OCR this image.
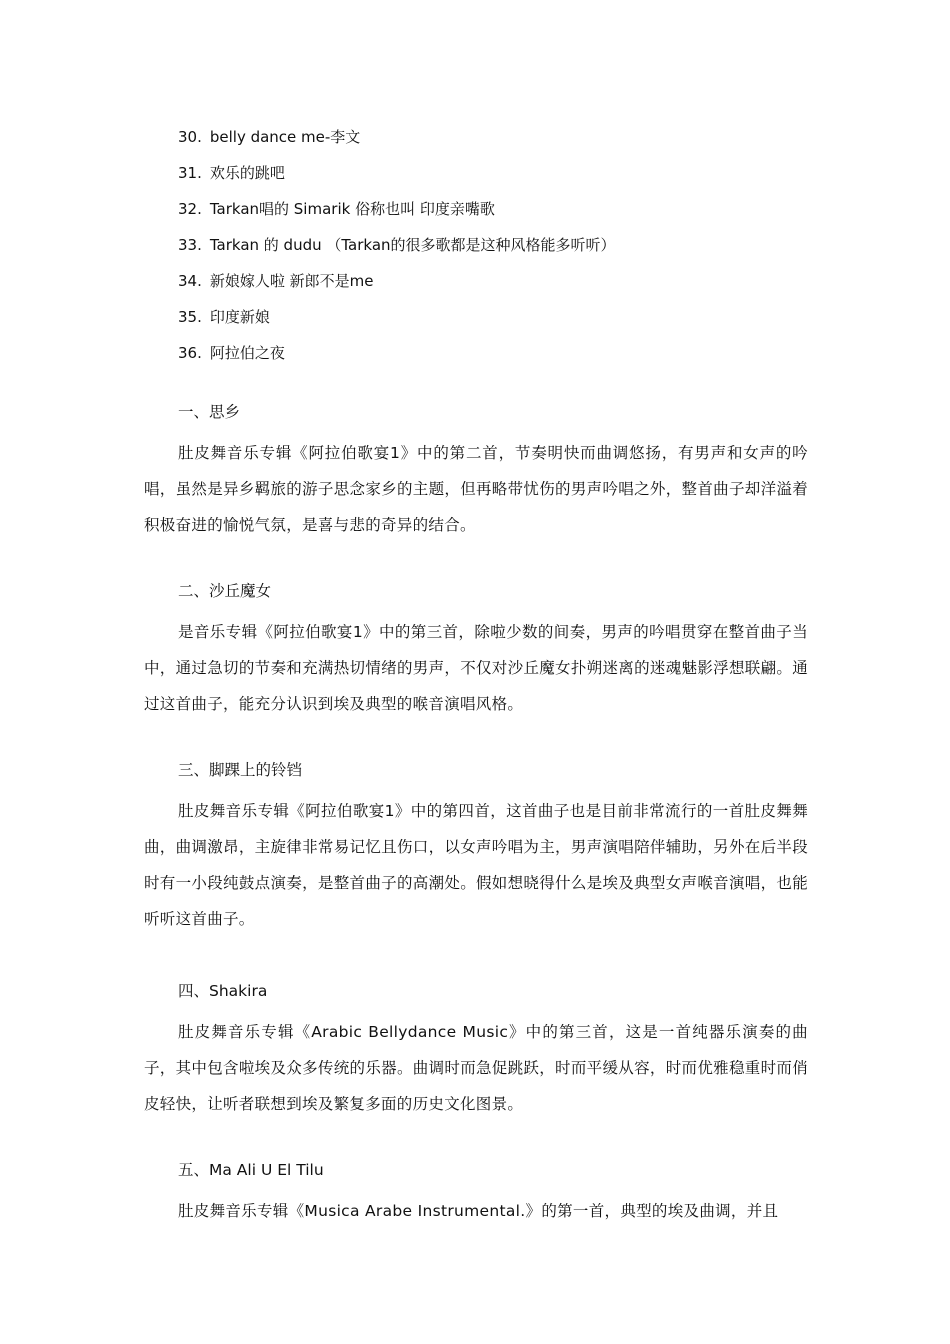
30. belly dance me-李文
31. 欢乐的跳吧
32. Tarkan唱的 Simarik 俗称也叫 印度亲嘴歌
33. Tarkan 的 dudu （Tarkan的很多歌都是这种风格能多听听）
34. 新娘嫁人啦 新郎不是me
35. 印度新娘
36. 阿拉伯之夜
一、思乡

肚皮舞音乐专辑《阿拉伯歌宴1》中的第二首，节奏明快而曲调悠扬，有男声和女声的吟唱，虽然是异乡羁旅的游子思念家乡的主题，但再略带忧伤的男声吟唱之外，整首曲子却洋溢着积极奋进的愉悦气氛，是喜与悲的奇异的结合。

二、沙丘魔女

是音乐专辑《阿拉伯歌宴1》中的第三首，除啦少数的间奏，男声的吟唱贯穿在整首曲子当中，通过急切的节奏和充满热切情绪的男声，不仅对沙丘魔女扑朔迷离的迷魂魅影浮想联翩。通过这首曲子，能充分认识到埃及典型的喉音演唱风格。

三、脚踝上的铃铛

肚皮舞音乐专辑《阿拉伯歌宴1》中的第四首，这首曲子也是目前非常流行的一首肚皮舞舞曲，曲调激昂，主旋律非常易记忆且伤口，以女声吟唱为主，男声演唱陪伴辅助，另外在后半段时有一小段纯鼓点演奏，是整首曲子的高潮处。假如想晓得什么是埃及典型女声喉音演唱，也能听听这首曲子。

四、Shakira

肚皮舞音乐专辑《Arabic Bellydance Music》中的第三首，这是一首纯器乐演奏的曲子，其中包含啦埃及众多传统的乐器。曲调时而急促跳跃，时而平缓从容，时而优雅稳重时而俏皮轻快，让听者联想到埃及繁复多面的历史文化图景。

五、Ma Ali U El Tilu

肚皮舞音乐专辑《Musica Arabe Instrumental.》的第一首，典型的埃及曲调，并且
